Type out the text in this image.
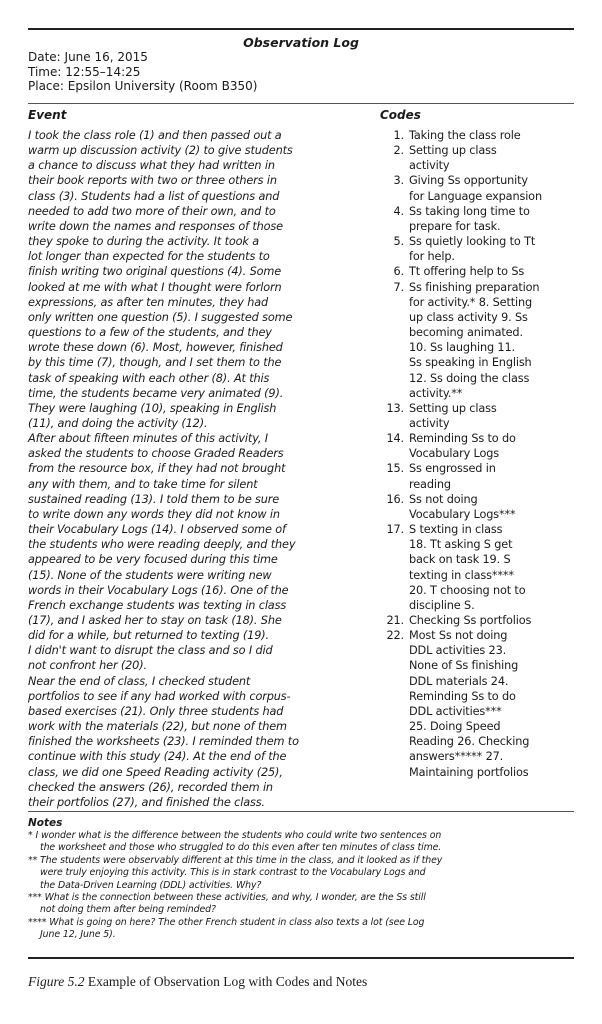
Observation Log
Date: June 16, 2015
Time: 12:55–14:25
Place: Epsilon University (Room B350)
Event	Codes
I took the class role (1) and then passed out a
warm up discussion activity (2) to give students
a chance to discuss what they had written in
their book reports with two or three others in
class (3). Students had a list of questions and
needed to add two more of their own, and to
write down the names and responses of those
they spoke to during the activity. It took a
lot longer than expected for the students to
finish writing two original questions (4). Some
looked at me with what I thought were forlorn
expressions, as after ten minutes, they had
only written one question (5). I suggested some
questions to a few of the students, and they
wrote these down (6). Most, however, finished
by this time (7), though, and I set them to the
task of speaking with each other (8). At this
time, the students became very animated (9).
They were laughing (10), speaking in English
(11), and doing the activity (12).
After about fifteen minutes of this activity, I
asked the students to choose Graded Readers
from the resource box, if they had not brought
any with them, and to take time for silent
sustained reading (13). I told them to be sure
to write down any words they did not know in
their Vocabulary Logs (14). I observed some of
the students who were reading deeply, and they
appeared to be very focused during this time
(15). None of the students were writing new
words in their Vocabulary Logs (16). One of the
French exchange students was texting in class
(17), and I asked her to stay on task (18). She
did for a while, but returned to texting (19).
I didn't want to disrupt the class and so I did
not confront her (20).
Near the end of class, I checked student
portfolios to see if any had worked with corpus-
based exercises (21). Only three students had
work with the materials (22), but none of them
finished the worksheets (23). I reminded them to
continue with this study (24). At the end of the
class, we did one Speed Reading activity (25),
checked the answers (26), recorded them in
their portfolios (27), and finished the class.
1. Taking the class role
2. Setting up class
activity
3. Giving Ss opportunity
for Language expansion
4. Ss taking long time to
prepare for task.
5. Ss quietly looking to Tt
for help.
6. Tt offering help to Ss
7. Ss finishing preparation
for activity.* 8. Setting
up class activity 9. Ss
becoming animated.
10. Ss laughing 11.
Ss speaking in English
12. Ss doing the class
activity.**
13. Setting up class
activity
14. Reminding Ss to do
Vocabulary Logs
15. Ss engrossed in
reading
16. Ss not doing
Vocabulary Logs***
17. S texting in class
18. Tt asking S get
back on task 19. S
texting in class****
20. T choosing not to
discipline S.
21. Checking Ss portfolios
22. Most Ss not doing
DDL activities 23.
None of Ss finishing
DDL materials 24.
Reminding Ss to do
DDL activities***
25. Doing Speed
Reading 26. Checking
answers***** 27.
Maintaining portfolios
Notes
* I wonder what is the difference between the students who could write two sentences on
the worksheet and those who struggled to do this even after ten minutes of class time.
** The students were observably different at this time in the class, and it looked as if they
were truly enjoying this activity. This is in stark contrast to the Vocabulary Logs and
the Data-Driven Learning (DDL) activities. Why?
*** What is the connection between these activities, and why, I wonder, are the Ss still
not doing them after being reminded?
**** What is going on here? The other French student in class also texts a lot (see Log
June 12, June 5).
Figure 5.2 Example of Observation Log with Codes and Notes
